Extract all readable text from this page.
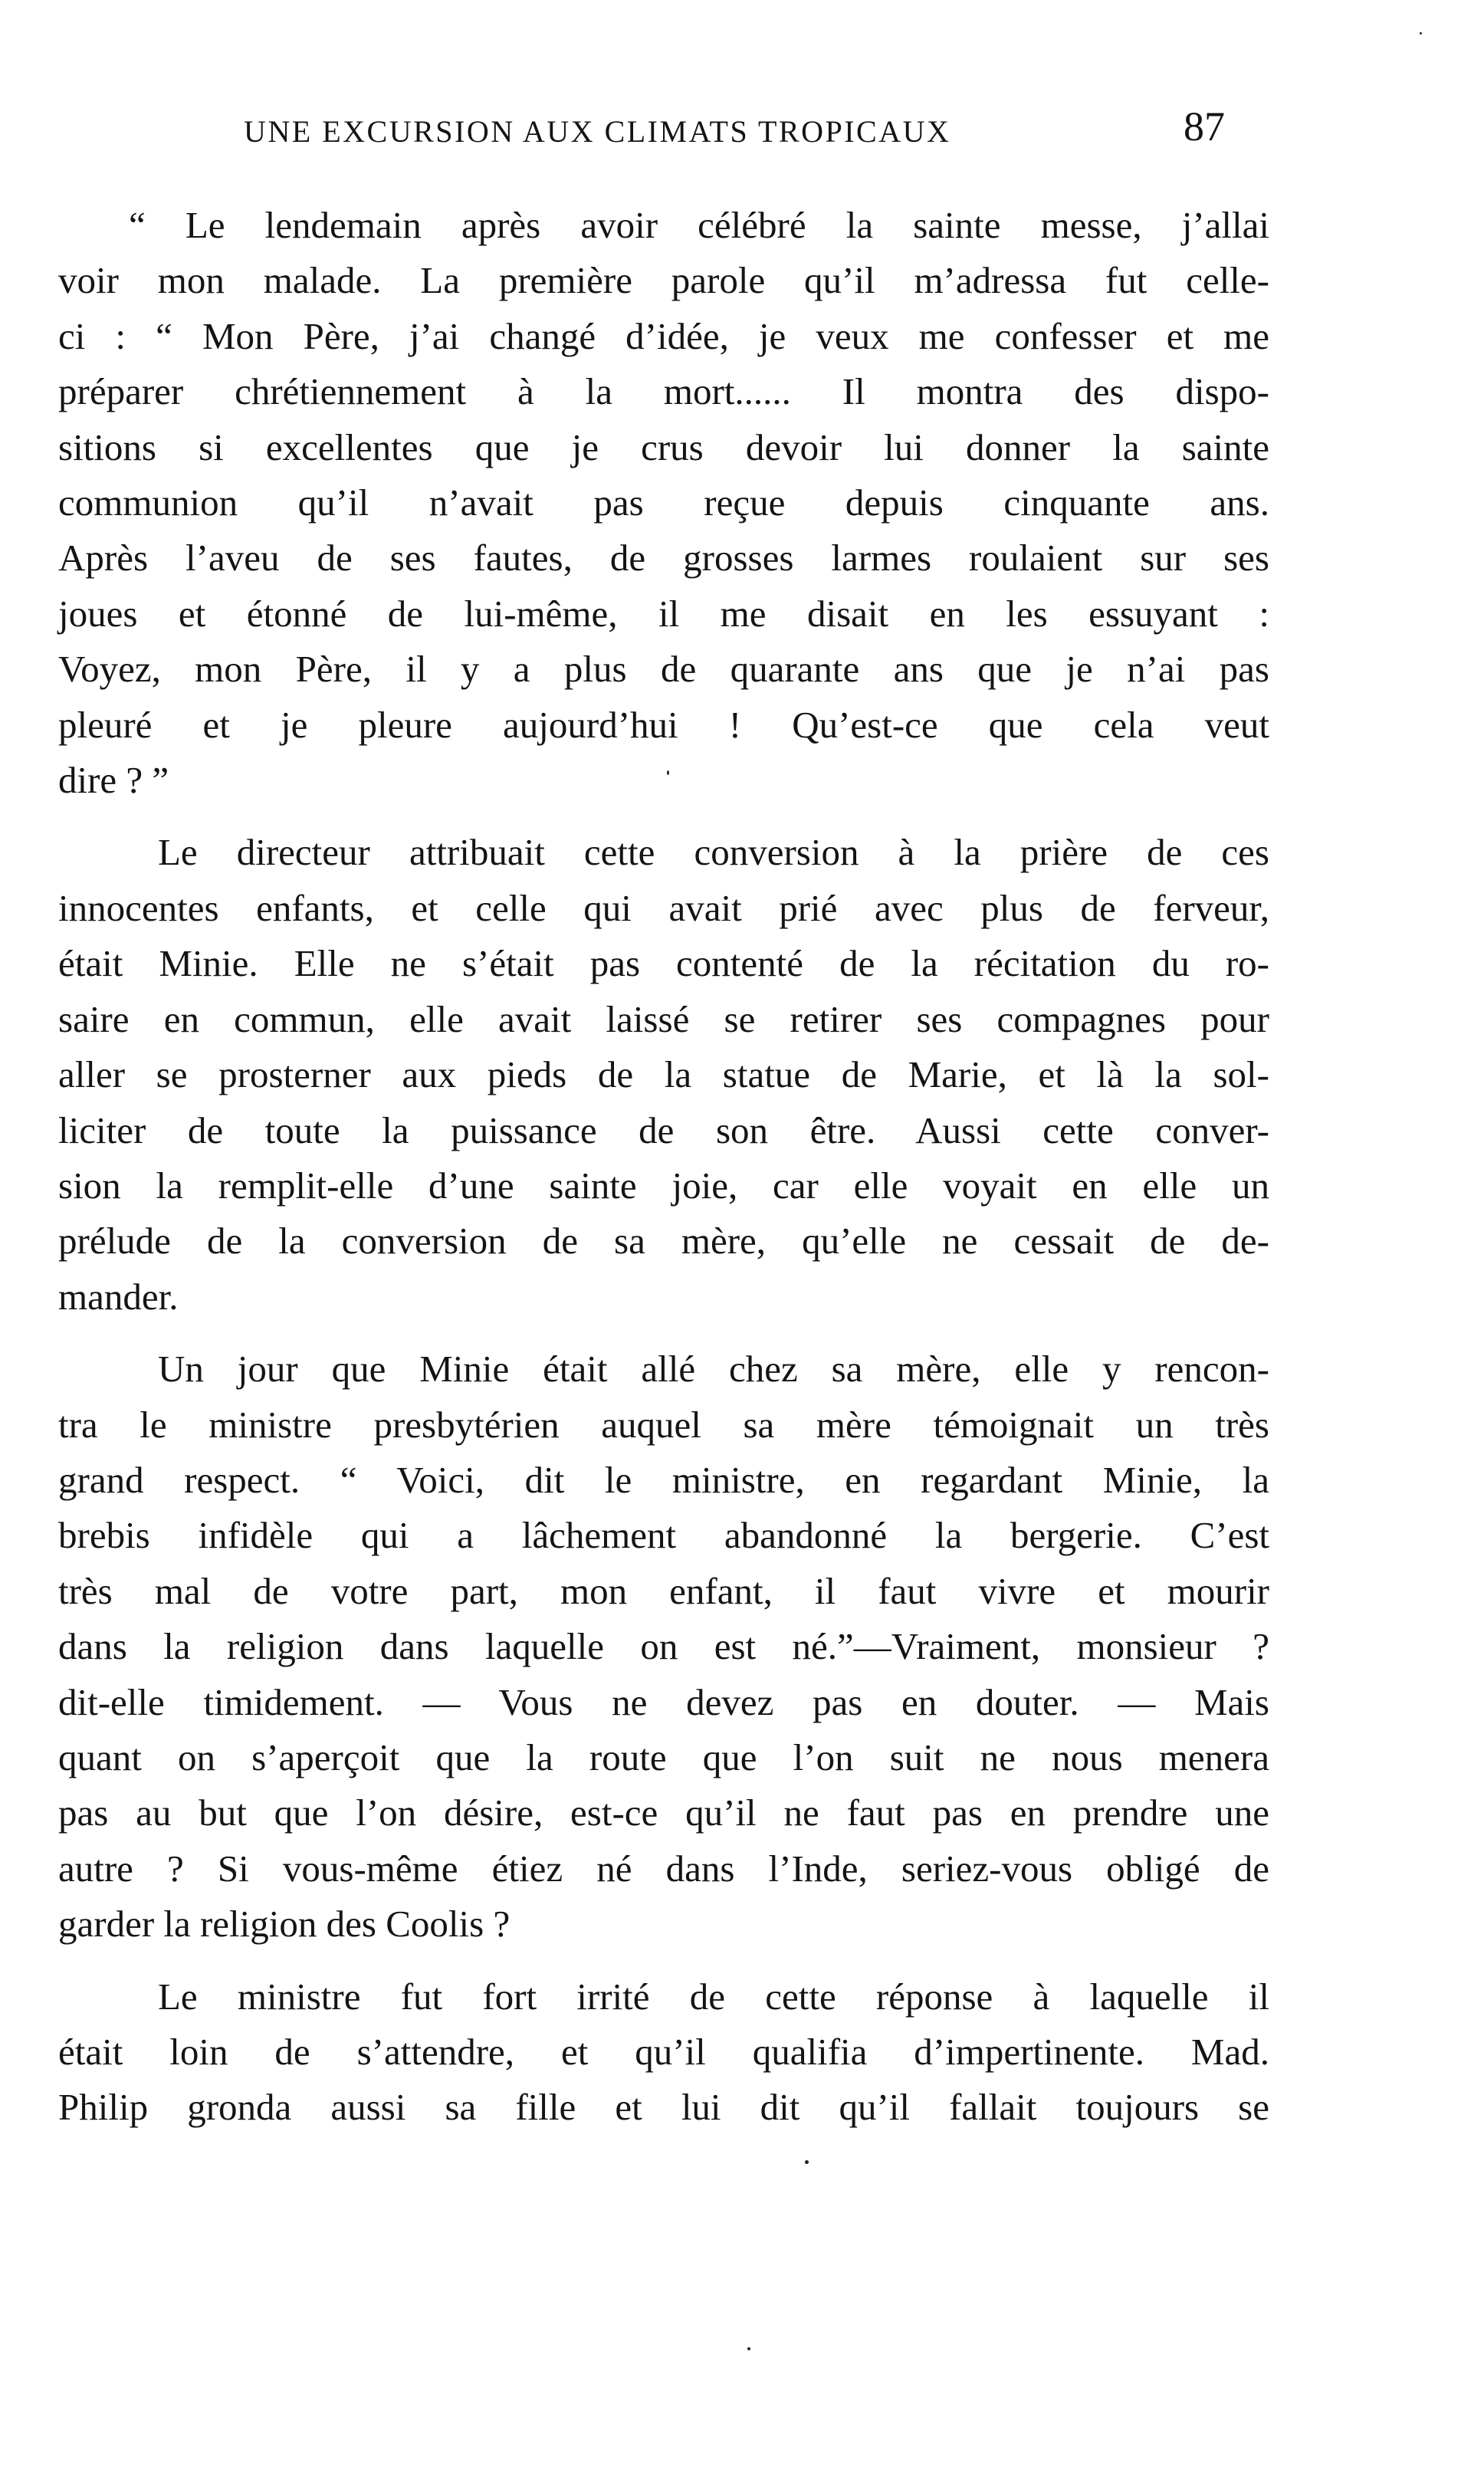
UNE EXCURSION AUX CLIMATS TROPICAUX	87
“ Le lendemain après avoir célébré la sainte messe, j’allai
voir mon malade. La première parole qu’il m’adressa fut celle-
ci : “ Mon Père, j’ai changé d’idée, je veux me confesser et me
préparer chrétiennement à la mort...... Il montra des dispo-
sitions si excellentes que je crus devoir lui donner la sainte
communion qu’il n’avait pas reçue depuis cinquante ans.
Après l’aveu de ses fautes, de grosses larmes roulaient sur ses
joues et étonné de lui-même, il me disait en les essuyant :
Voyez, mon Père, il y a plus de quarante ans que je n’ai pas
pleuré et je pleure aujourd’hui ! Qu’est-ce que cela veut
dire ? ”
Le directeur attribuait cette conversion à la prière de ces
innocentes enfants, et celle qui avait prié avec plus de ferveur,
était Minie. Elle ne s’était pas contenté de la récitation du ro-
saire en commun, elle avait laissé se retirer ses compagnes pour
aller se prosterner aux pieds de la statue de Marie, et là la sol-
liciter de toute la puissance de son être. Aussi cette conver-
sion la remplit-elle d’une sainte joie, car elle voyait en elle un
prélude de la conversion de sa mère, qu’elle ne cessait de de-
mander.
Un jour que Minie était allé chez sa mère, elle y rencon-
tra le ministre presbytérien auquel sa mère témoignait un très
grand respect. “ Voici, dit le ministre, en regardant Minie, la
brebis infidèle qui a lâchement abandonné la bergerie. C’est
très mal de votre part, mon enfant, il faut vivre et mourir
dans la religion dans laquelle on est né.”—Vraiment, monsieur ?
dit-elle timidement. — Vous ne devez pas en douter. — Mais
quant on s’aperçoit que la route que l’on suit ne nous menera
pas au but que l’on désire, est-ce qu’il ne faut pas en prendre une
autre ? Si vous-même étiez né dans l’Inde, seriez-vous obligé de
garder la religion des Coolis ?
Le ministre fut fort irrité de cette réponse à laquelle il
était loin de s’attendre, et qu’il qualifia d’impertinente. Mad.
Philip gronda aussi sa fille et lui dit qu’il fallait toujours se
